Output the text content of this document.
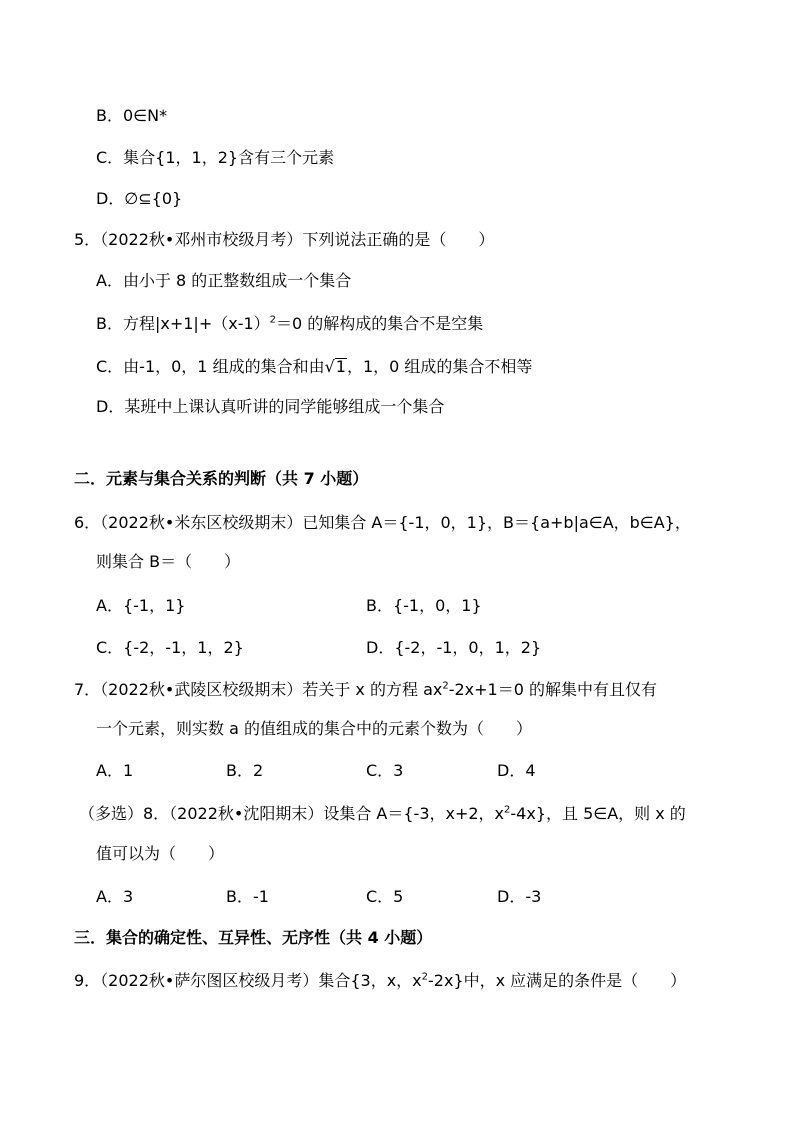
B．0∈N*
C．集合{1，1，2}含有三个元素
D．∅⊆{0}
5．（2022秋•邓州市校级月考）下列说法正确的是（　　）
A．由小于 8 的正整数组成一个集合
B．方程$|x+1|+(x-1)^2=0$ 的解构成的集合不是空集
C．由-1，0，1 组成的集合和由√1，1，0 组成的集合不相等
D．某班中上课认真听讲的同学能够组成一个集合
二．元素与集合关系的判断（共 7 小题）
6．（2022秋•米东区校级期末）已知集合 A＝{-1，0，1}，B＝{a+b|a∈A，b∈A}，
则集合 B＝（　　）
A．{-1，1}	B．{-1，0，1}
C．{-2，-1，1，2}	D．{-2，-1，0，1，2}
7．（2022秋•武陵区校级期末）若关于 x 的方程 $ax^2-2x+1=0$ 的解集中有且仅有
一个元素，则实数 a 的值组成的集合中的元素个数为（　　）
A．1	B．2	C．3	D．4
（多选）8．（2022秋•沈阳期末）设集合 A＝{-3，x+2，$x^2-4x$}，且 5∈A，则 x 的
值可以为（　　）
A．3	B．-1	C．5	D．-3
三．集合的确定性、互异性、无序性（共 4 小题）
9．（2022秋•萨尔图区校级月考）集合{3，x，$x^2-2x$}中，x 应满足的条件是（　　）
